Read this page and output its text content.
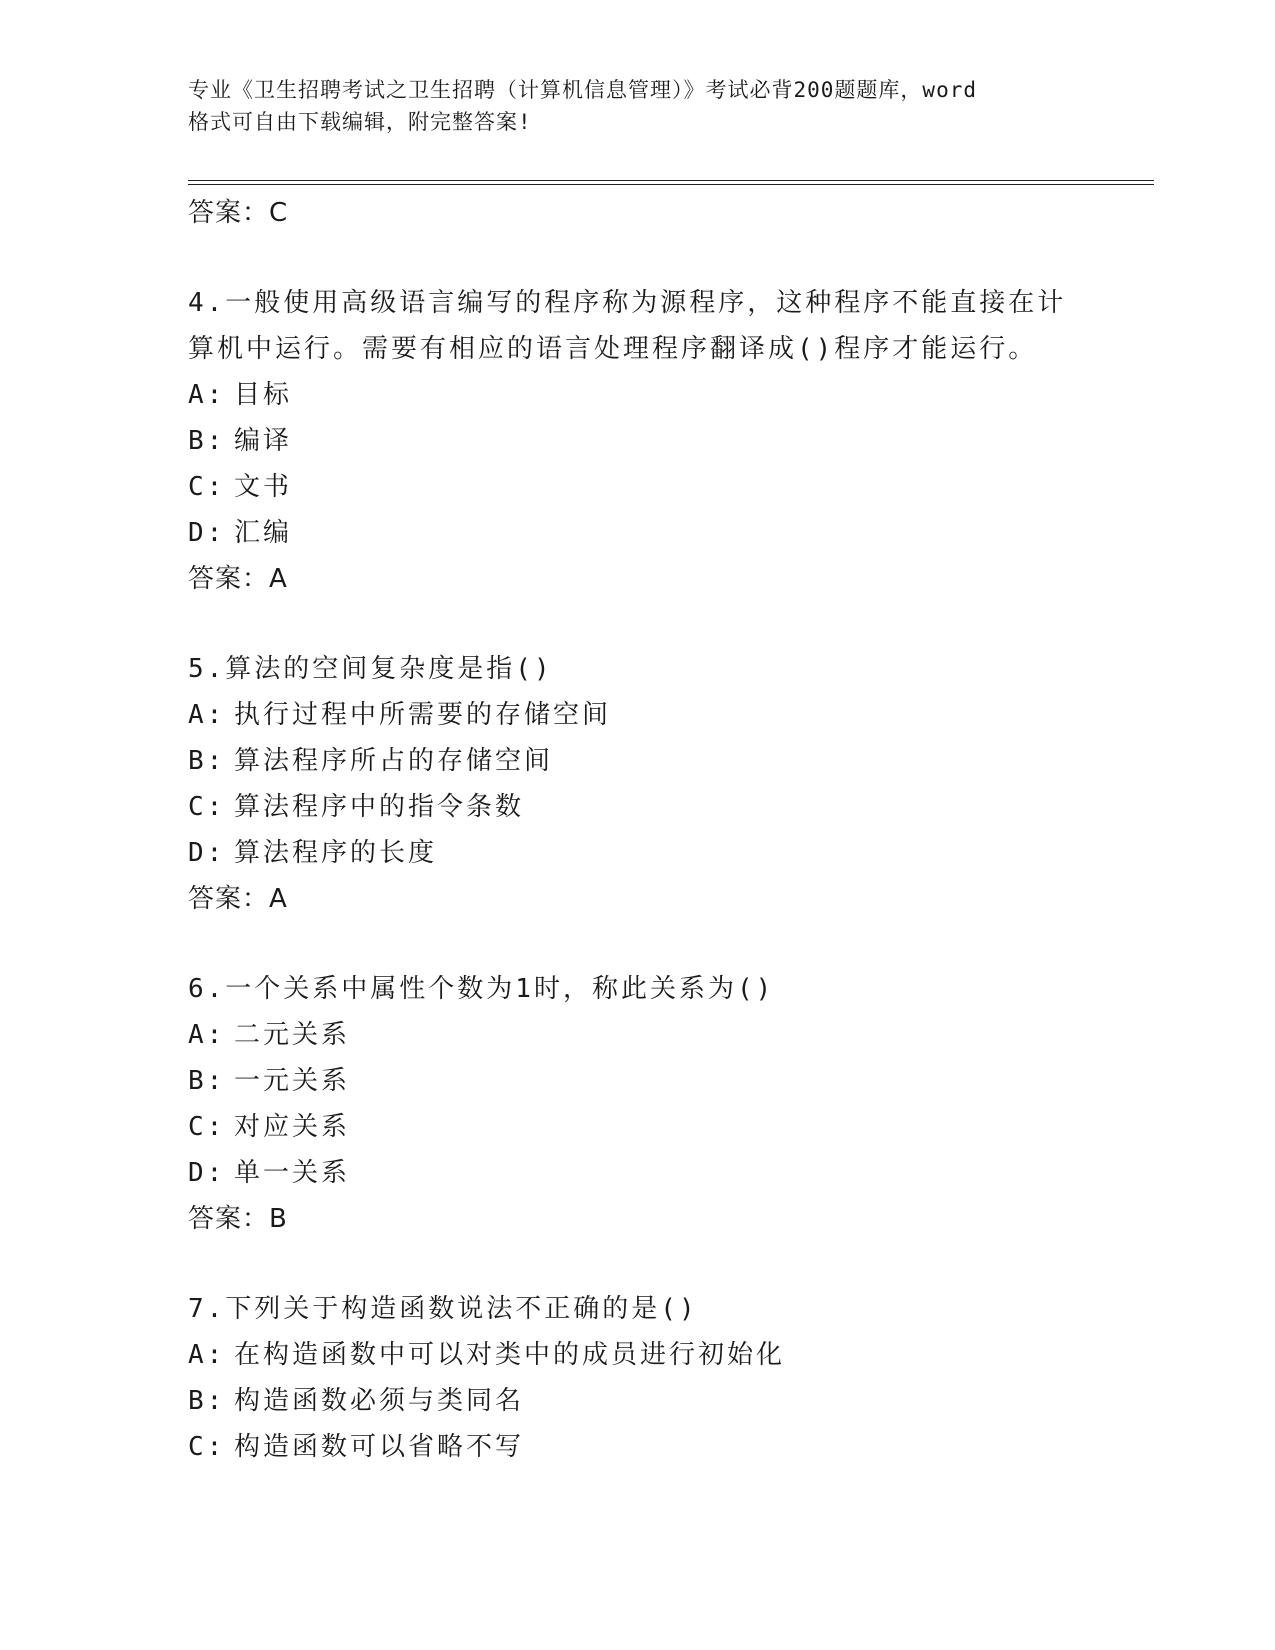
专业《卫生招聘考试之卫生招聘（计算机信息管理）》考试必背200题题库，word
格式可自由下载编辑，附完整答案!

答案：C

4.一般使用高级语言编写的程序称为源程序，这种程序不能直接在计

算机中运行。需要有相应的语言处理程序翻译成()程序才能运行。

A: 目标
B: 编译
C: 文书
D: 汇编

答案：A

5.算法的空间复杂度是指()

A: 执行过程中所需要的存储空间
B: 算法程序所占的存储空间
C: 算法程序中的指令条数
D: 算法程序的长度

答案：A

6.一个关系中属性个数为1时，称此关系为()

A: 二元关系
B: 一元关系
C: 对应关系
D: 单一关系

答案：B

7.下列关于构造函数说法不正确的是()

A: 在构造函数中可以对类中的成员进行初始化
B: 构造函数必须与类同名
C: 构造函数可以省略不写
